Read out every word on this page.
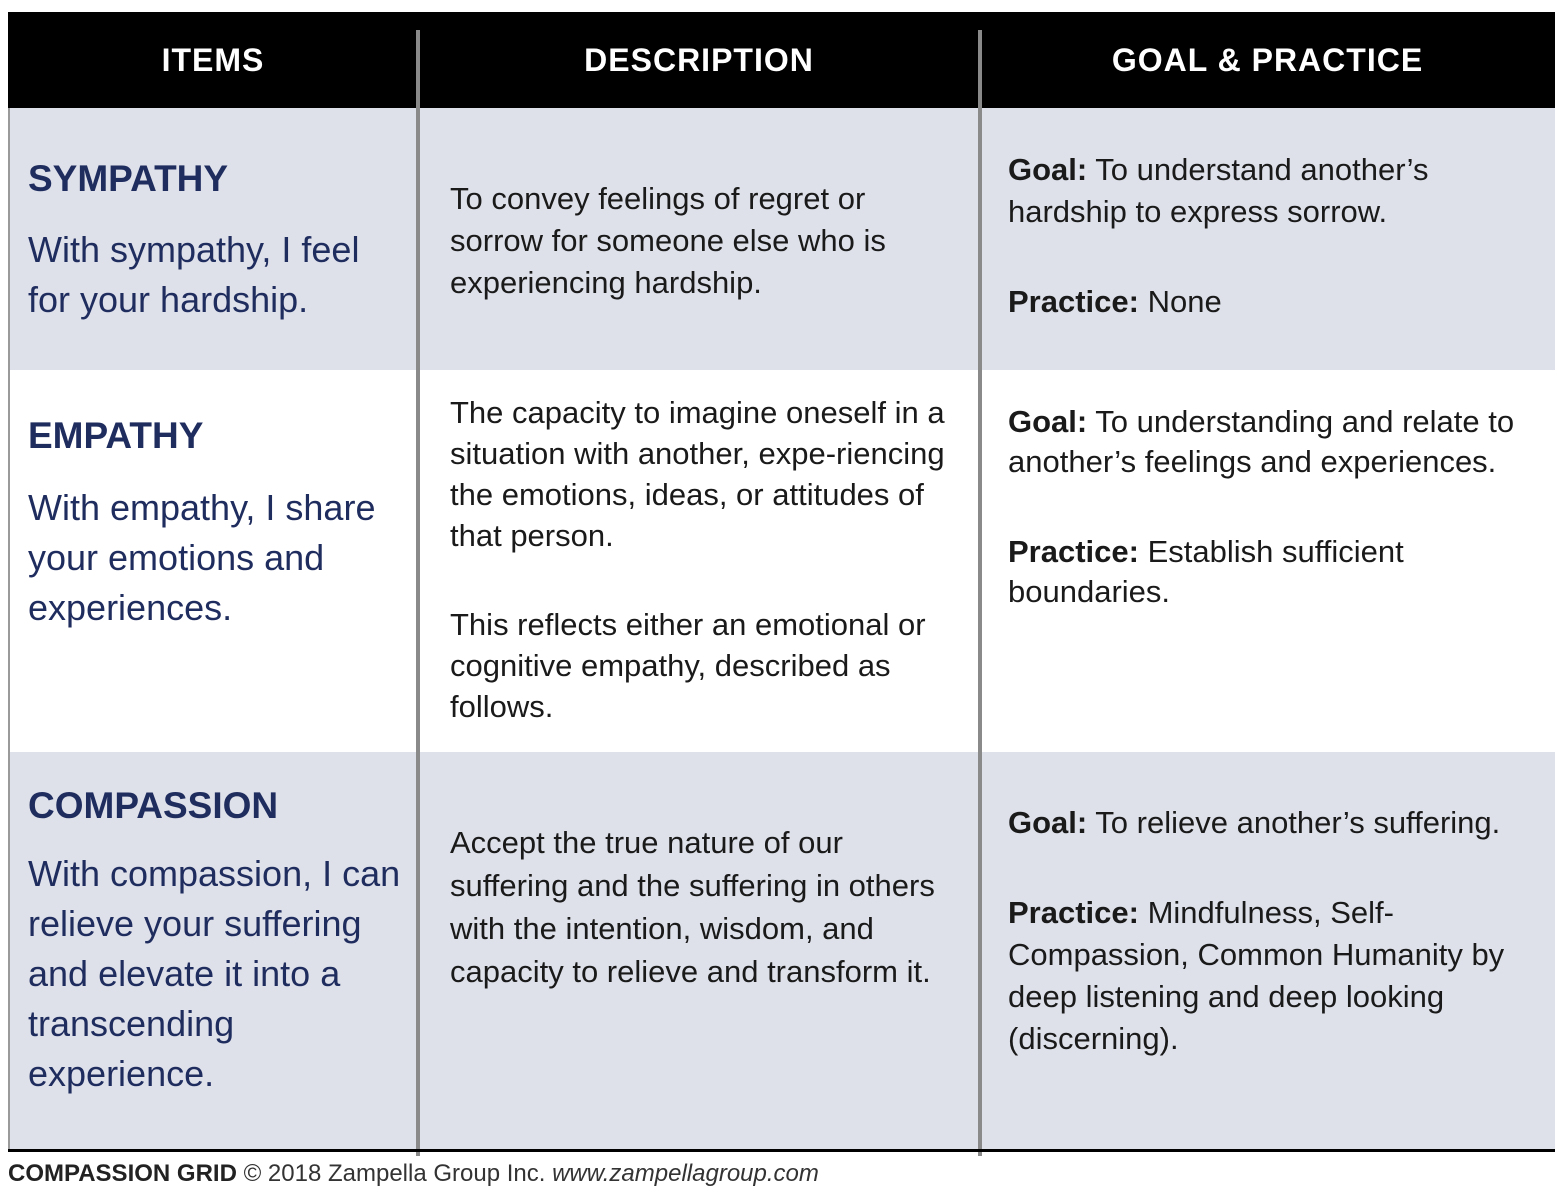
ITEMS	DESCRIPTION	GOAL & PRACTICE
SYMPATHY
With sympathy, I feel for your hardship.
To convey feelings of regret or sorrow for someone else who is experiencing hardship.
Goal: To understand another’s hardship to express sorrow.
Practice: None
EMPATHY
With empathy, I share your emotions and experiences.
The capacity to imagine oneself in a situation with another, expe-riencing the emotions, ideas, or attitudes of that person.
This reflects either an emotional or cognitive empathy, described as follows.
Goal: To understanding and relate to another’s feelings and experiences.
Practice: Establish sufficient boundaries.
COMPASSION
With compassion, I can relieve your suffering and elevate it into a transcending experience.
Accept the true nature of our suffering and the suffering in others with the intention, wisdom, and capacity to relieve and transform it.
Goal: To relieve another’s suffering.
Practice: Mindfulness, Self-Compassion, Common Humanity by deep listening and deep looking (discerning).
COMPASSION GRID © 2018 Zampella Group Inc. www.zampellagroup.com
